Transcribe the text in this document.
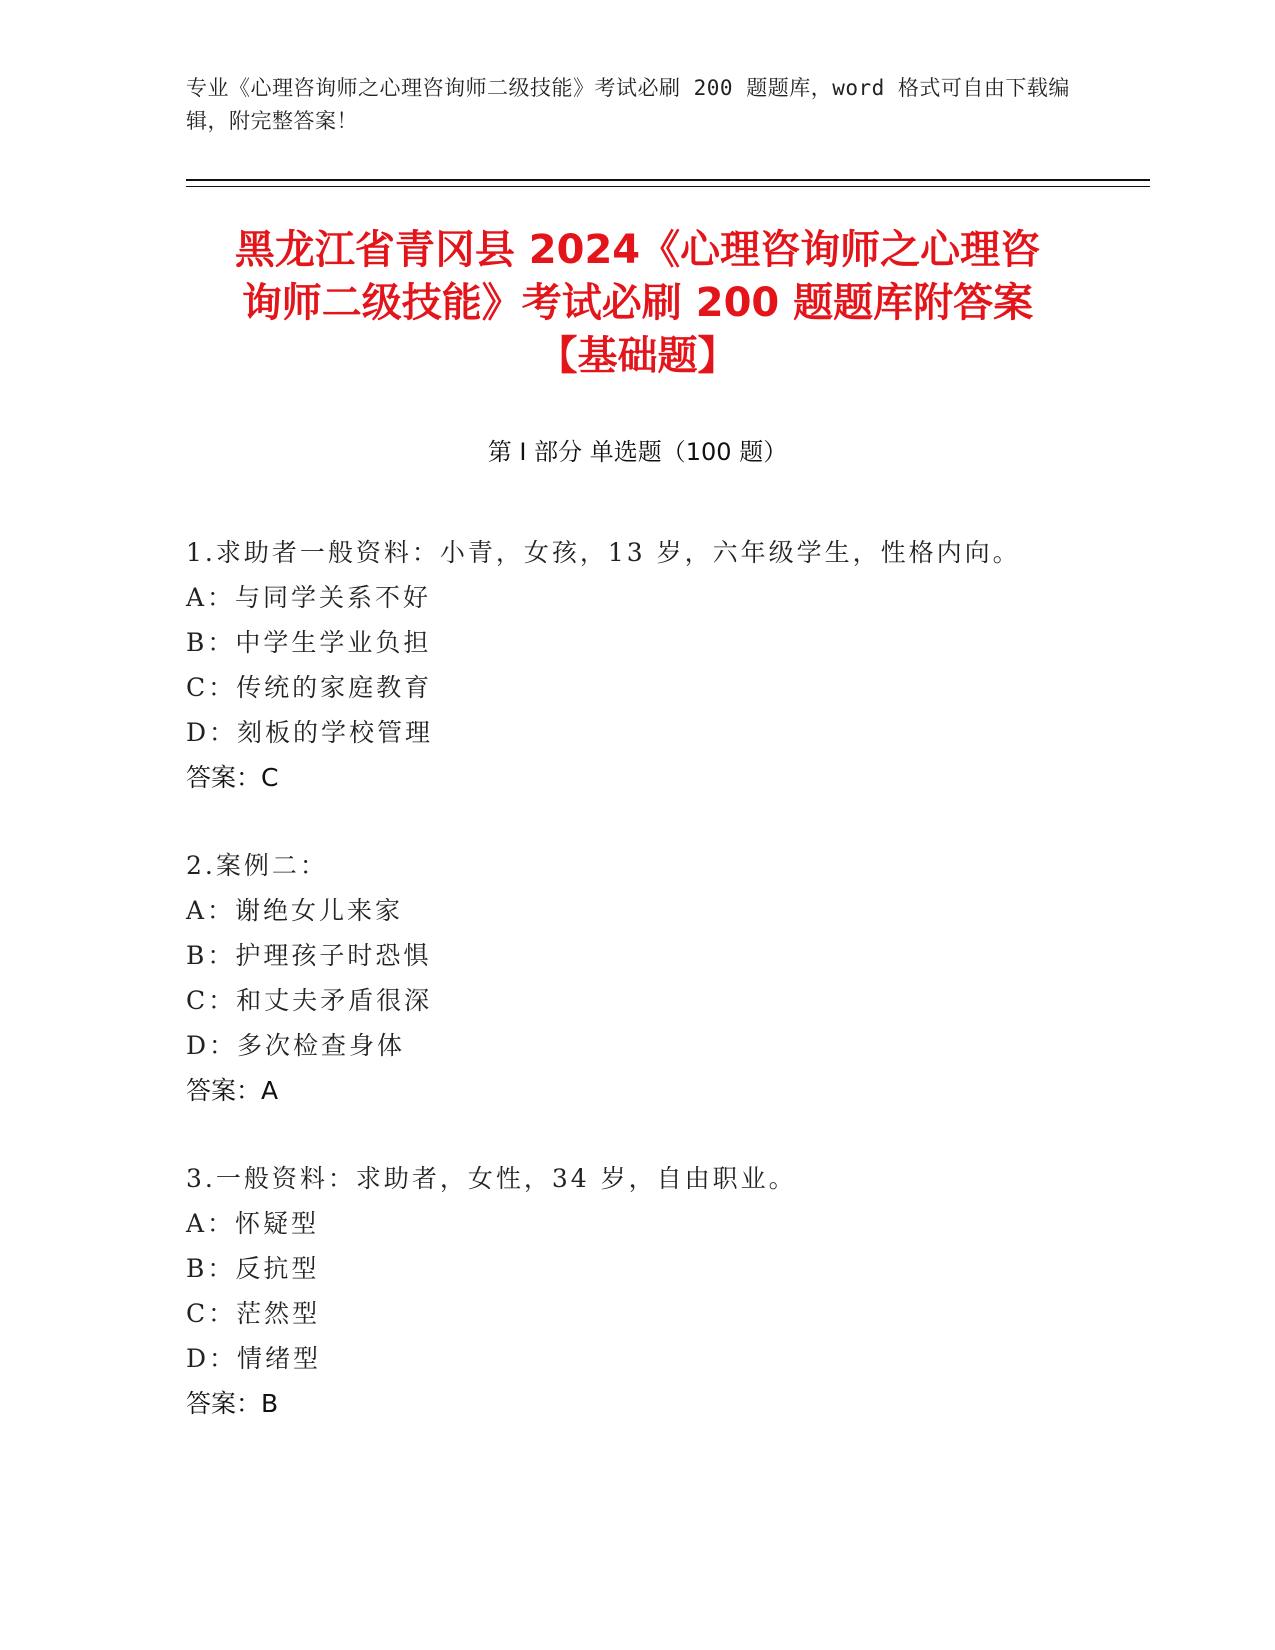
专业《心理咨询师之心理咨询师二级技能》考试必刷 200 题题库，word 格式可自由下载编辑，附完整答案！
黑龙江省青冈县 2024《心理咨询师之心理咨
询师二级技能》考试必刷 200 题题库附答案
【基础题】
第 I 部分 单选题（100 题）
1.求助者一般资料：小青，女孩，13 岁，六年级学生，性格内向。
A：与同学关系不好
B：中学生学业负担
C：传统的家庭教育
D：刻板的学校管理
答案：C
2.案例二：
A：谢绝女儿来家
B：护理孩子时恐惧
C：和丈夫矛盾很深
D：多次检查身体
答案：A
3.一般资料：求助者，女性，34 岁，自由职业。
A：怀疑型
B：反抗型
C：茫然型
D：情绪型
答案：B
